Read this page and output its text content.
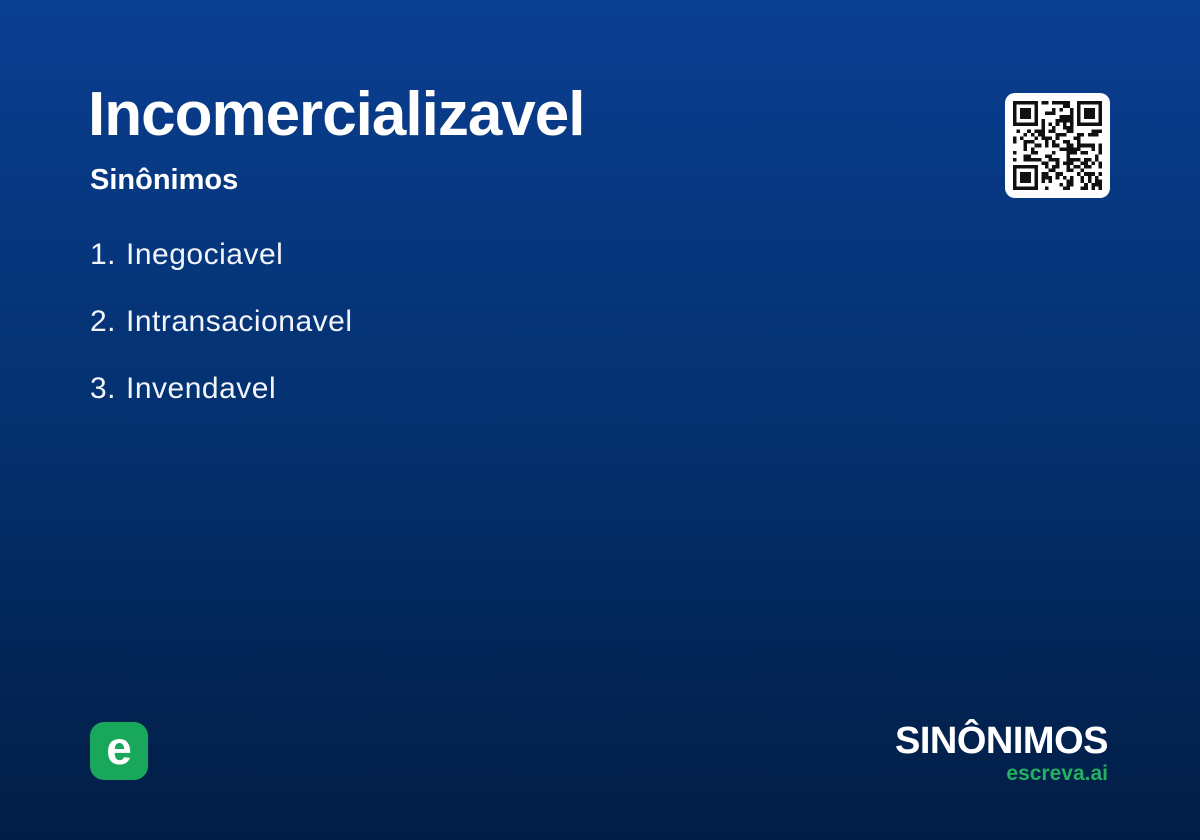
Incomercializavel
Sinônimos
1. Inegociavel
2. Intransacionavel
3. Invendavel
e	SINÔNIMOS
escreva.ai
